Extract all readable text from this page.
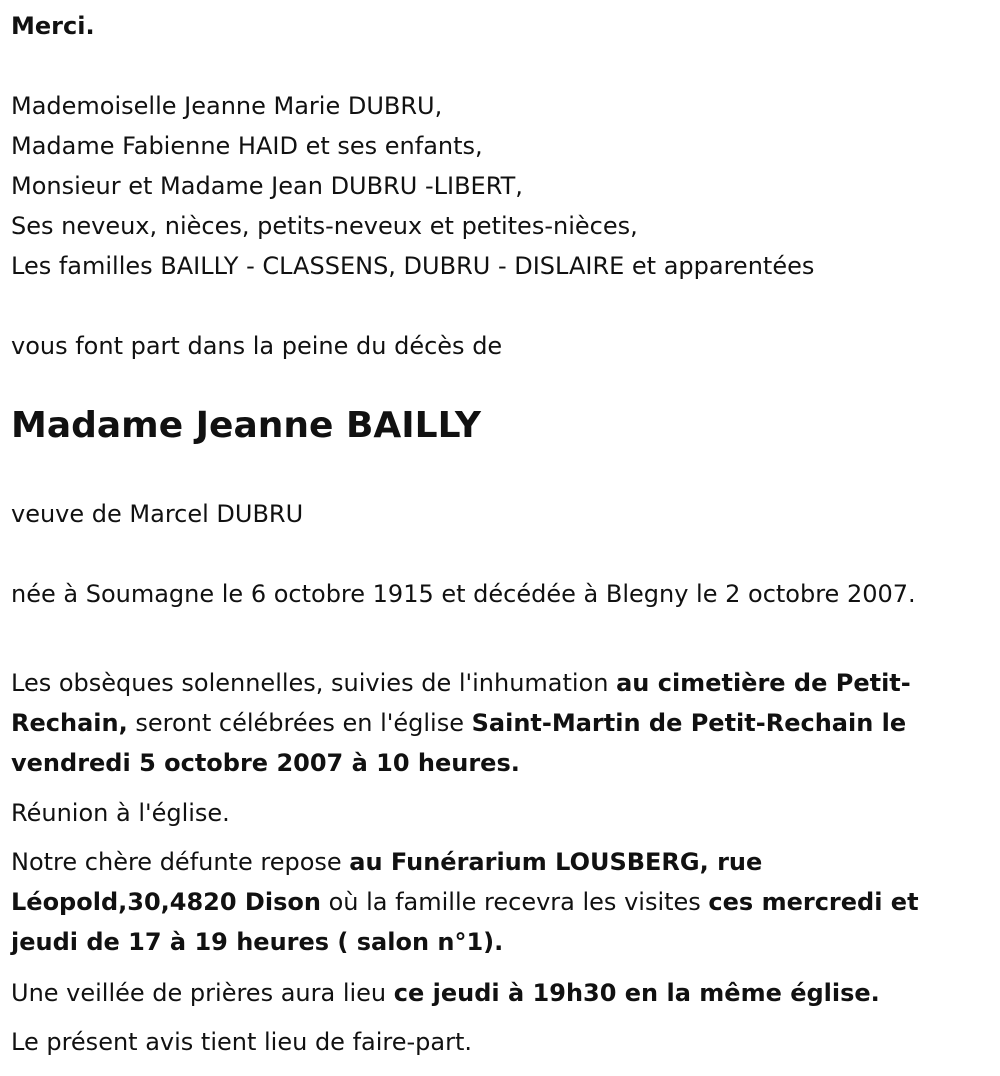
Merci.

Mademoiselle Jeanne Marie DUBRU,
Madame Fabienne HAID et ses enfants,
Monsieur et Madame Jean DUBRU -LIBERT,
Ses neveux, nièces, petits-neveux et petites-nièces,
Les familles BAILLY - CLASSENS, DUBRU - DISLAIRE et apparentées

vous font part dans la peine du décès de

Madame Jeanne BAILLY

veuve de Marcel DUBRU

née à Soumagne le 6 octobre 1915 et décédée à Blegny le 2 octobre 2007.

Les obsèques solennelles, suivies de l'inhumation au cimetière de Petit-Rechain, seront célébrées en l'église Saint-Martin de Petit-Rechain le vendredi 5 octobre 2007 à 10 heures.

Réunion à l'église.

Notre chère défunte repose au Funérarium LOUSBERG, rue Léopold,30,4820 Dison où la famille recevra les visites ces mercredi et jeudi de 17 à 19 heures ( salon n°1).

Une veillée de prières aura lieu ce jeudi à 19h30 en la même église.

Le présent avis tient lieu de faire-part.
